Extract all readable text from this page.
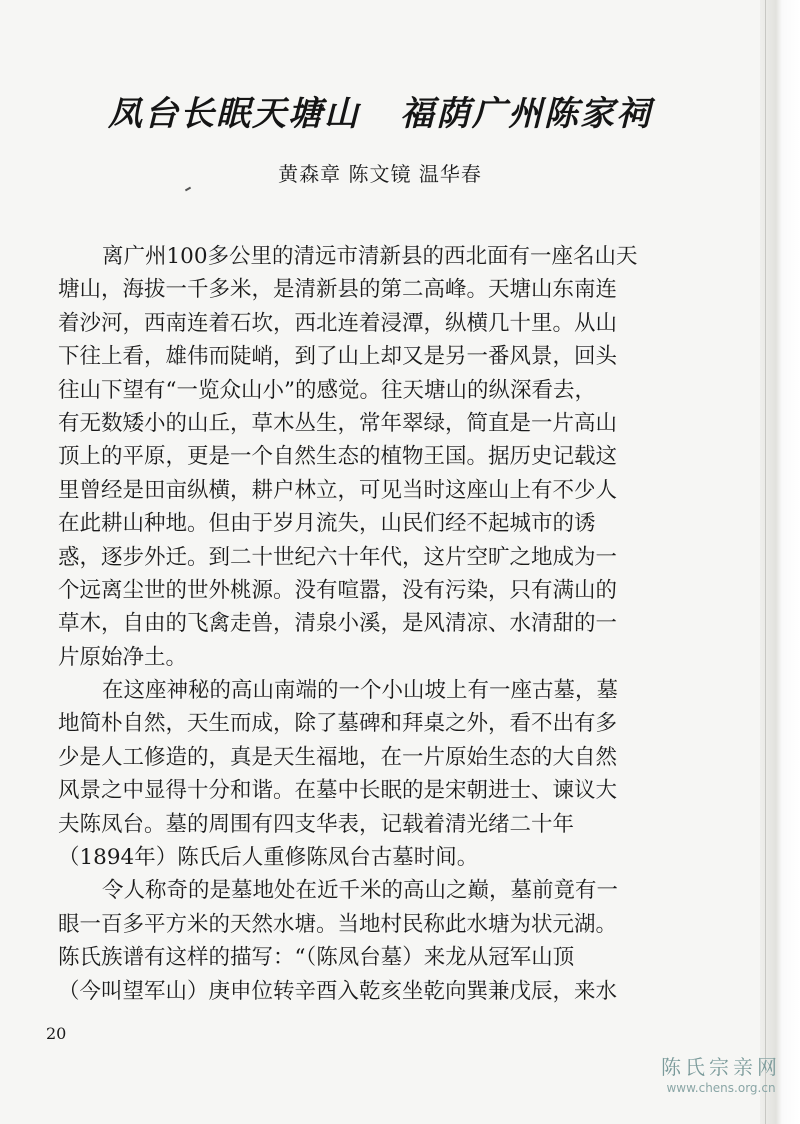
凤台长眠天塘山 福荫广州陈家祠
黄森章 陈文镜 温华春
离广州100多公里的清远市清新县的西北面有一座名山天
塘山，海拔一千多米，是清新县的第二高峰。天塘山东南连
着沙河，西南连着石坎，西北连着浸潭，纵横几十里。从山
下往上看，雄伟而陡峭，到了山上却又是另一番风景，回头
往山下望有“一览众山小”的感觉。往天塘山的纵深看去，
有无数矮小的山丘，草木丛生，常年翠绿，简直是一片高山
顶上的平原，更是一个自然生态的植物王国。据历史记载这
里曾经是田亩纵横，耕户林立，可见当时这座山上有不少人
在此耕山种地。但由于岁月流失，山民们经不起城市的诱
惑，逐步外迁。到二十世纪六十年代，这片空旷之地成为一
个远离尘世的世外桃源。没有喧嚣，没有污染，只有满山的
草木，自由的飞禽走兽，清泉小溪，是风清凉、水清甜的一
片原始净土。
在这座神秘的高山南端的一个小山坡上有一座古墓，墓
地简朴自然，天生而成，除了墓碑和拜桌之外，看不出有多
少是人工修造的，真是天生福地，在一片原始生态的大自然
风景之中显得十分和谐。在墓中长眠的是宋朝进士、谏议大
夫陈凤台。墓的周围有四支华表，记载着清光绪二十年
（1894年）陈氏后人重修陈凤台古墓时间。
令人称奇的是墓地处在近千米的高山之巅，墓前竟有一
眼一百多平方米的天然水塘。当地村民称此水塘为状元湖。
陈氏族谱有这样的描写：“（陈凤台墓）来龙从冠军山顶
（今叫望军山）庚申位转辛酉入乾亥坐乾向巽兼戊辰，来水
20
陈氏宗亲网
www.chens.org.cn
